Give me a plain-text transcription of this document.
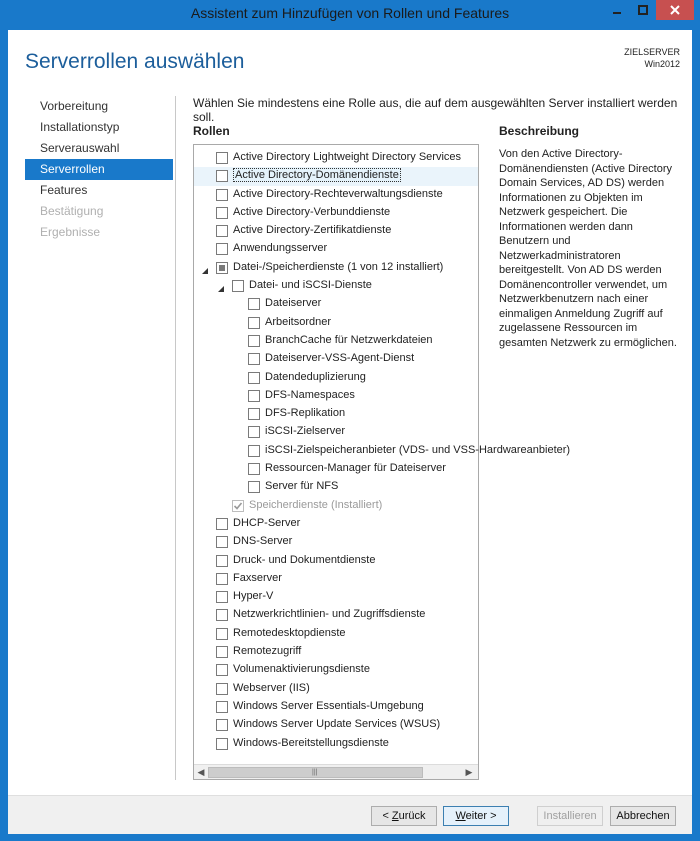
Assistent zum Hinzufügen von Rollen und Features
Serverrollen auswählen	ZIELSERVER
Win2012
Vorbereitung
Installationstyp
Serverauswahl
Serverrollen
Features
Bestätigung
Ergebnisse
Wählen Sie mindestens eine Rolle aus, die auf dem ausgewählten Server installiert werden soll.
Rollen	Beschreibung
Von den Active Directory-Domänendiensten (Active Directory Domain Services, AD DS) werden Informationen zu Objekten im Netzwerk gespeichert. Die Informationen werden dann Benutzern und Netzwerkadministratoren bereitgestellt. Von AD DS werden Domänencontroller verwendet, um Netzwerkbenutzern nach einer einmaligen Anmeldung Zugriff auf zugelassene Ressourcen im gesamten Netzwerk zu ermöglichen.
Active Directory Lightweight Directory Services
Active Directory-Domänendienste
Active Directory-Rechteverwaltungsdienste
Active Directory-Verbunddienste
Active Directory-Zertifikatdienste
Anwendungsserver
Datei-/Speicherdienste (1 von 12 installiert)
Datei- und iSCSI-Dienste
Dateiserver
Arbeitsordner
BranchCache für Netzwerkdateien
Dateiserver-VSS-Agent-Dienst
Datendeduplizierung
DFS-Namespaces
DFS-Replikation
iSCSI-Zielserver
iSCSI-Zielspeicheranbieter (VDS- und VSS-Hardwareanbieter)
Ressourcen-Manager für Dateiserver
Server für NFS
Speicherdienste (Installiert)
DHCP-Server
DNS-Server
Druck- und Dokumentdienste
Faxserver
Hyper-V
Netzwerkrichtlinien- und Zugriffsdienste
Remotedesktopdienste
Remotezugriff
Volumenaktivierungsdienste
Webserver (IIS)
Windows Server Essentials-Umgebung
Windows Server Update Services (WSUS)
Windows-Bereitstellungsdienste
◀	|||	▶
< Zurück	Weiter >	Installieren	Abbrechen
